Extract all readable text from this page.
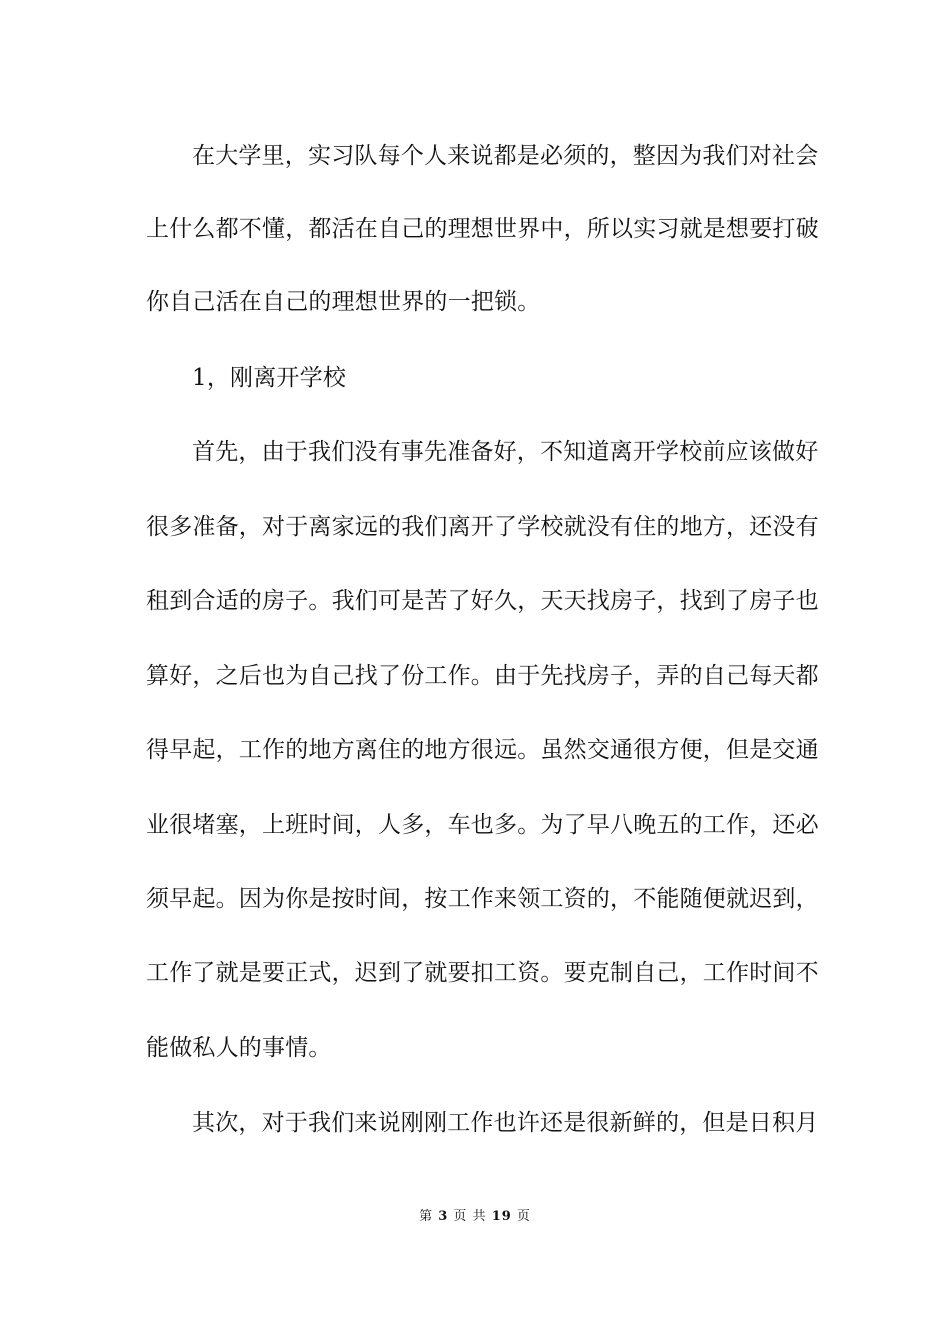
在大学里，实习队每个人来说都是必须的，整因为我们对社会
上什么都不懂，都活在自己的理想世界中，所以实习就是想要打破
你自己活在自己的理想世界的一把锁。
1，刚离开学校
首先，由于我们没有事先准备好，不知道离开学校前应该做好
很多准备，对于离家远的我们离开了学校就没有住的地方，还没有
租到合适的房子。我们可是苦了好久，天天找房子，找到了房子也
算好，之后也为自己找了份工作。由于先找房子，弄的自己每天都
得早起，工作的地方离住的地方很远。虽然交通很方便，但是交通
业很堵塞，上班时间，人多，车也多。为了早八晚五的工作，还必
须早起。因为你是按时间，按工作来领工资的，不能随便就迟到，
工作了就是要正式，迟到了就要扣工资。要克制自己，工作时间不
能做私人的事情。
其次，对于我们来说刚刚工作也许还是很新鲜的，但是日积月
第 3 页 共 19 页
